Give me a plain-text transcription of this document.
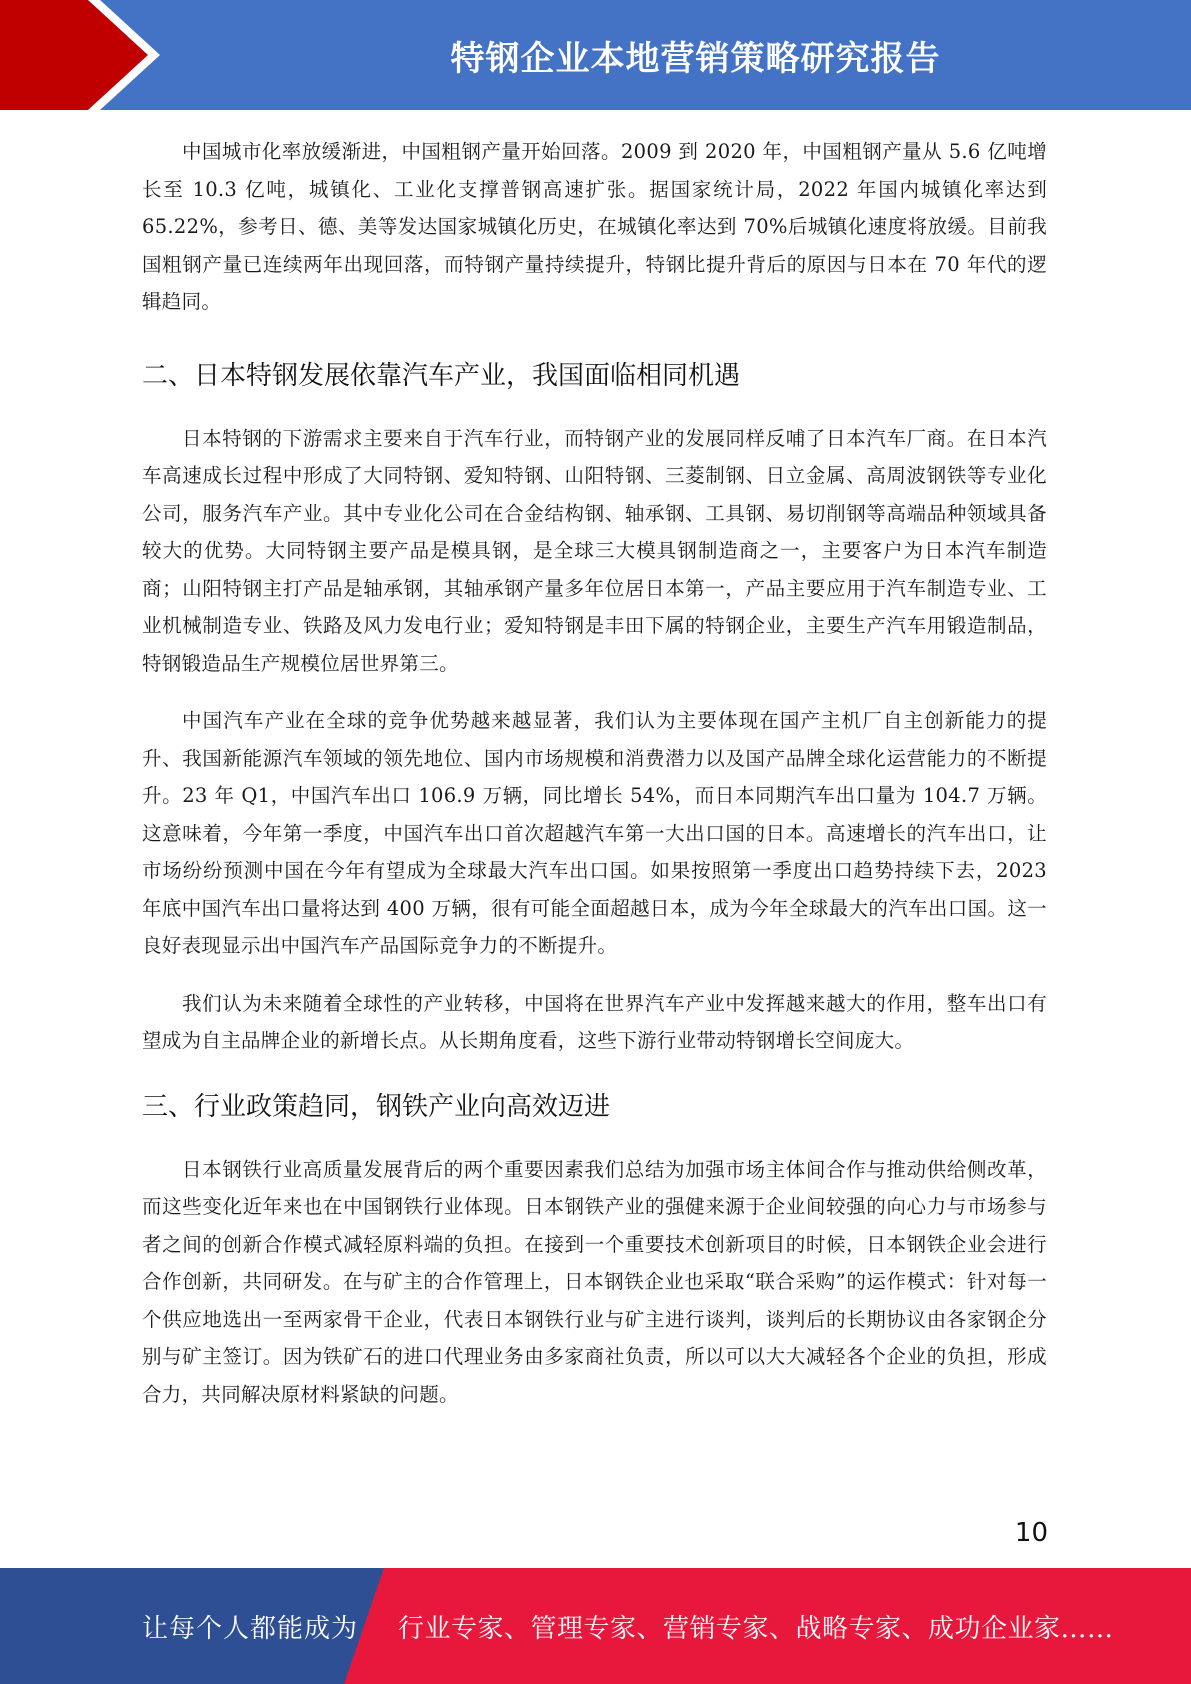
特钢企业本地营销策略研究报告

中国城市化率放缓渐进，中国粗钢产量开始回落。2009 到 2020 年，中国粗钢产量从 5.6 亿吨增长至 10.3 亿吨，城镇化、工业化支撑普钢高速扩张。据国家统计局，2022 年国内城镇化率达到 65.22%，参考日、德、美等发达国家城镇化历史，在城镇化率达到 70%后城镇化速度将放缓。目前我国粗钢产量已连续两年出现回落，而特钢产量持续提升，特钢比提升背后的原因与日本在 70 年代的逻辑趋同。

二、日本特钢发展依靠汽车产业，我国面临相同机遇

日本特钢的下游需求主要来自于汽车行业，而特钢产业的发展同样反哺了日本汽车厂商。在日本汽车高速成长过程中形成了大同特钢、爱知特钢、山阳特钢、三菱制钢、日立金属、高周波钢铁等专业化公司，服务汽车产业。其中专业化公司在合金结构钢、轴承钢、工具钢、易切削钢等高端品种领域具备较大的优势。大同特钢主要产品是模具钢，是全球三大模具钢制造商之一，主要客户为日本汽车制造商；山阳特钢主打产品是轴承钢，其轴承钢产量多年位居日本第一，产品主要应用于汽车制造专业、工业机械制造专业、铁路及风力发电行业；爱知特钢是丰田下属的特钢企业，主要生产汽车用锻造制品，特钢锻造品生产规模位居世界第三。

中国汽车产业在全球的竞争优势越来越显著，我们认为主要体现在国产主机厂自主创新能力的提升、我国新能源汽车领域的领先地位、国内市场规模和消费潜力以及国产品牌全球化运营能力的不断提升。23 年 Q1，中国汽车出口 106.9 万辆，同比增长 54%，而日本同期汽车出口量为 104.7 万辆。这意味着，今年第一季度，中国汽车出口首次超越汽车第一大出口国的日本。高速增长的汽车出口，让市场纷纷预测中国在今年有望成为全球最大汽车出口国。如果按照第一季度出口趋势持续下去，2023 年底中国汽车出口量将达到 400 万辆，很有可能全面超越日本，成为今年全球最大的汽车出口国。这一良好表现显示出中国汽车产品国际竞争力的不断提升。

我们认为未来随着全球性的产业转移，中国将在世界汽车产业中发挥越来越大的作用，整车出口有望成为自主品牌企业的新增长点。从长期角度看，这些下游行业带动特钢增长空间庞大。

三、行业政策趋同，钢铁产业向高效迈进

日本钢铁行业高质量发展背后的两个重要因素我们总结为加强市场主体间合作与推动供给侧改革，而这些变化近年来也在中国钢铁行业体现。日本钢铁产业的强健来源于企业间较强的向心力与市场参与者之间的创新合作模式减轻原料端的负担。在接到一个重要技术创新项目的时候，日本钢铁企业会进行合作创新，共同研发。在与矿主的合作管理上，日本钢铁企业也采取“联合采购”的运作模式：针对每一个供应地选出一至两家骨干企业，代表日本钢铁行业与矿主进行谈判，谈判后的长期协议由各家钢企分别与矿主签订。因为铁矿石的进口代理业务由多家商社负责，所以可以大大减轻各个企业的负担，形成合力，共同解决原材料紧缺的问题。

10
让每个人都能成为 行业专家、管理专家、营销专家、战略专家、成功企业家……
